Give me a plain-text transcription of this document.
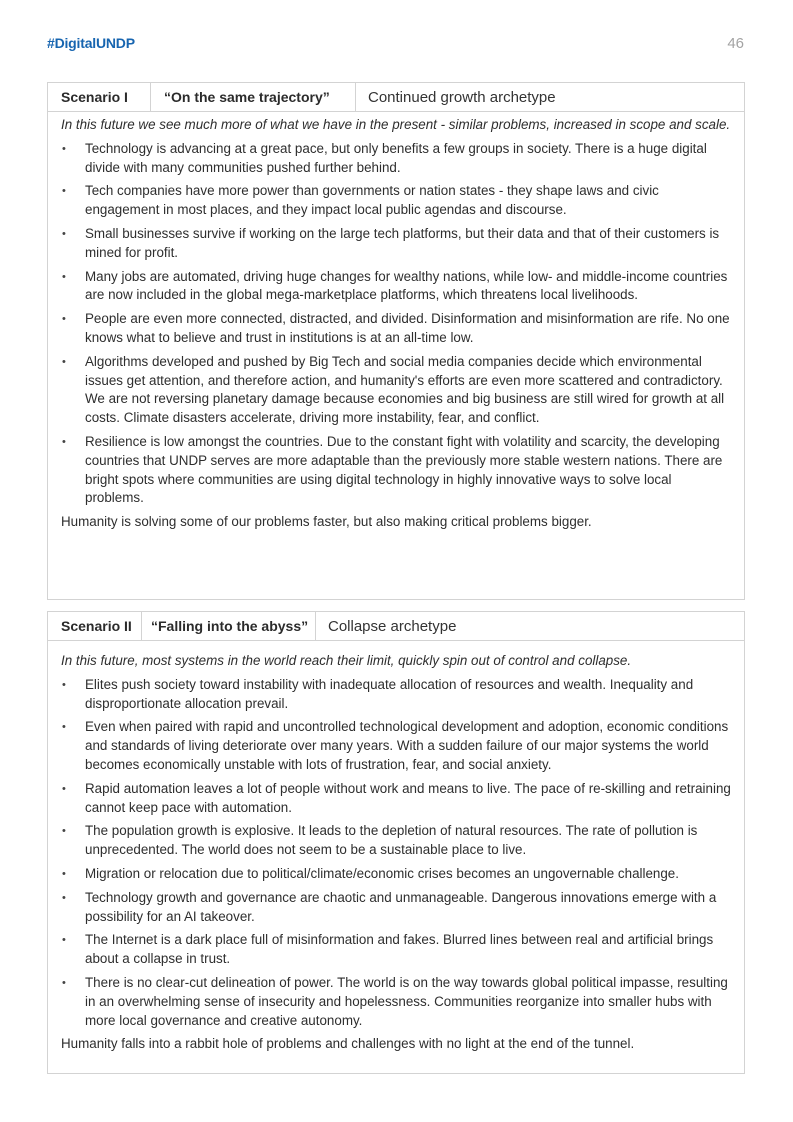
#DigitalUNDP	46
Scenario I	“On the same trajectory”	Continued growth archetype

In this future we see much more of what we have in the present - similar problems, increased in scope and scale.

• Technology is advancing at a great pace, but only benefits a few groups in society. There is a huge digital divide with many communities pushed further behind.
• Tech companies have more power than governments or nation states - they shape laws and civic engagement in most places, and they impact local public agendas and discourse.
• Small businesses survive if working on the large tech platforms, but their data and that of their customers is mined for profit.
• Many jobs are automated, driving huge changes for wealthy nations, while low- and middle-income countries are now included in the global mega-marketplace platforms, which threatens local livelihoods.
• People are even more connected, distracted, and divided. Disinformation and misinformation are rife. No one knows what to believe and trust in institutions is at an all-time low.
• Algorithms developed and pushed by Big Tech and social media companies decide which environmental issues get attention, and therefore action, and humanity's efforts are even more scattered and contradictory. We are not reversing planetary damage because economies and big business are still wired for growth at all costs. Climate disasters accelerate, driving more instability, fear, and conflict.
• Resilience is low amongst the countries. Due to the constant fight with volatility and scarcity, the developing countries that UNDP serves are more adaptable than the previously more stable western nations. There are bright spots where communities are using digital technology in highly innovative ways to solve local problems.

Humanity is solving some of our problems faster, but also making critical problems bigger.

Scenario II	“Falling into the abyss”	Collapse archetype

In this future, most systems in the world reach their limit, quickly spin out of control and collapse.

• Elites push society toward instability with inadequate allocation of resources and wealth. Inequality and disproportionate allocation prevail.
• Even when paired with rapid and uncontrolled technological development and adoption, economic conditions and standards of living deteriorate over many years. With a sudden failure of our major systems the world becomes economically unstable with lots of frustration, fear, and social anxiety.
• Rapid automation leaves a lot of people without work and means to live. The pace of re-skilling and retraining cannot keep pace with automation.
• The population growth is explosive. It leads to the depletion of natural resources. The rate of pollution is unprecedented. The world does not seem to be a sustainable place to live.
• Migration or relocation due to political/climate/economic crises becomes an ungovernable challenge.
• Technology growth and governance are chaotic and unmanageable. Dangerous innovations emerge with a possibility for an AI takeover.
• The Internet is a dark place full of misinformation and fakes. Blurred lines between real and artificial brings about a collapse in trust.
• There is no clear-cut delineation of power. The world is on the way towards global political impasse, resulting in an overwhelming sense of insecurity and hopelessness. Communities reorganize into smaller hubs with more local governance and creative autonomy.

Humanity falls into a rabbit hole of problems and challenges with no light at the end of the tunnel.
